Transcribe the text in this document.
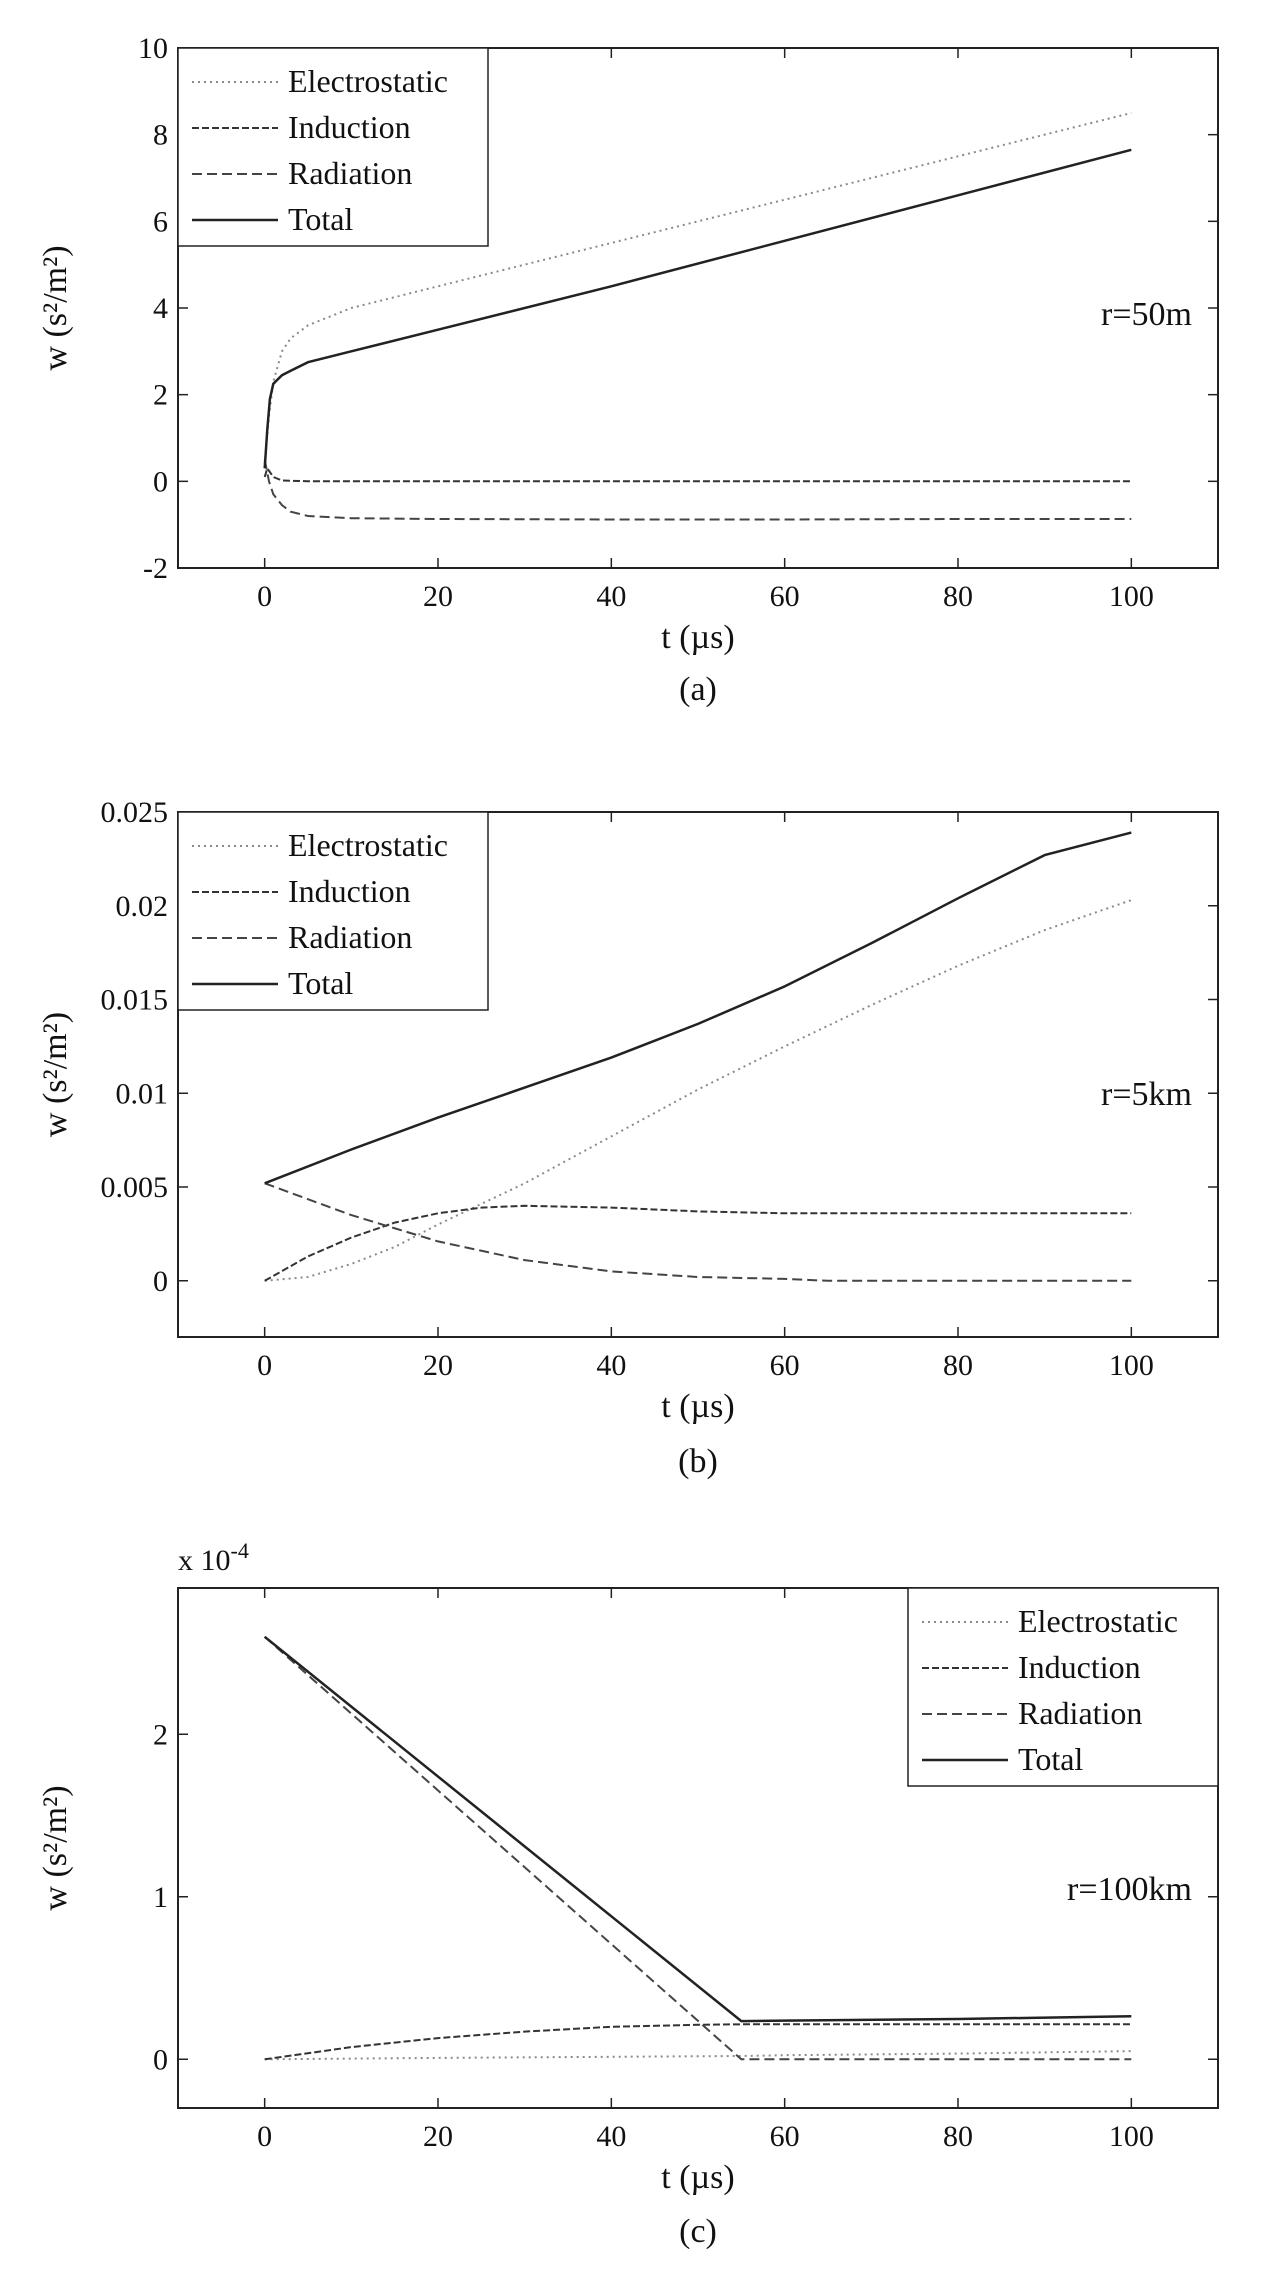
0	20	40	60	80	100
-2
0
2
4
6
8
10
t (µs)
w (s²/m²)
(a)
r=50m
Electrostatic
Induction
Radiation
Total
0	20	40	60	80	100
0
0.005
0.01
0.015
0.02
0.025
t (µs)
w (s²/m²)
(b)
r=5km
Electrostatic
Induction
Radiation
Total
0	20	40	60	80	100
0
1
2
x $10^{-4}$
t (µs)
w (s²/m²)
(c)
r=100km
Electrostatic
Induction
Radiation
Total
